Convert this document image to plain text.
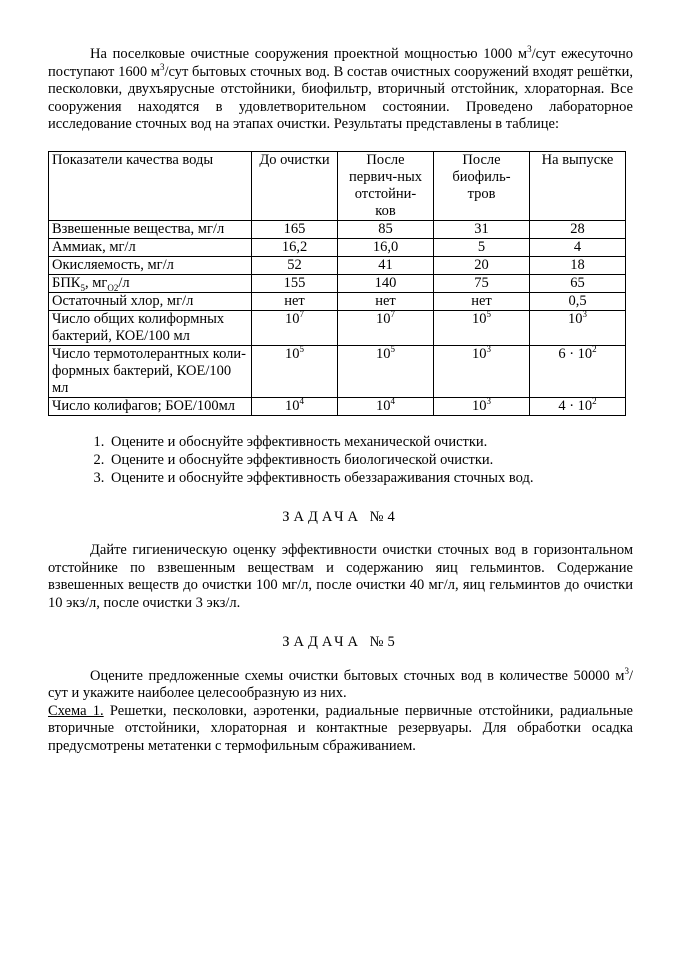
На поселковые очистные сооружения проектной мощностью 1000 $м^3$/сут ежесуточно поступают 1600 $м^3$/сут бытовых сточных вод. В состав очистных сооружений входят решётки, песколовки, двухъярусные отстойники, биофильтр, вторичный отстойник, хлораторная. Все сооружения находятся в удовлетворительном состоянии. Проведено лабораторное исследование сточных вод на этапах очистки. Результаты представлены в таблице:

Показатели качества воды	До очистки	После первич-ных отстойни-ков	После биофиль-тров	На выпуске
Взвешенные вещества, мг/л	165	85	31	28
Аммиак, мг/л	16,2	16,0	5	4
Окисляемость, мг/л	52	41	20	18
$БПК_5$, $мг_{O2}/л$	155	140	75	65
Остаточный хлор, мг/л	нет	нет	нет	0,5
Число общих колиформных бактерий, КОЕ/100 мл	$10^7$	$10^7$	$10^5$	$10^3$
Число термотолерантных коли-формных бактерий, КОЕ/100 мл	$10^5$	$10^5$	$10^3$	$6 \cdot 10^2$
Число колифагов; БОЕ/100мл	$10^4$	$10^4$	$10^3$	$4 \cdot 10^2$
1. Оцените и обоснуйте эффективность механической очистки.
2. Оцените и обоснуйте эффективность биологической очистки.
3. Оцените и обоснуйте эффективность обеззараживания сточных вод.
ЗАДАЧА №4

Дайте гигиеническую оценку эффективности очистки сточных вод в горизонтальном отстойнике по взвешенным веществам и содержанию яиц гельминтов. Содержание взвешенных веществ до очистки 100 мг/л, после очистки 40 мг/л, яиц гельминтов до очистки 10 экз/л, после очистки 3 экз/л.

ЗАДАЧА №5

Оцените предложенные схемы очистки бытовых сточных вод в количестве 50000 $м^3$/сут и укажите наиболее целесообразную из них.

Схема 1. Решетки, песколовки, аэротенки, радиальные первичные отстойники, радиальные вторичные отстойники, хлораторная и контактные резервуары. Для обработки осадка предусмотрены метатенки с термофильным сбраживанием.
